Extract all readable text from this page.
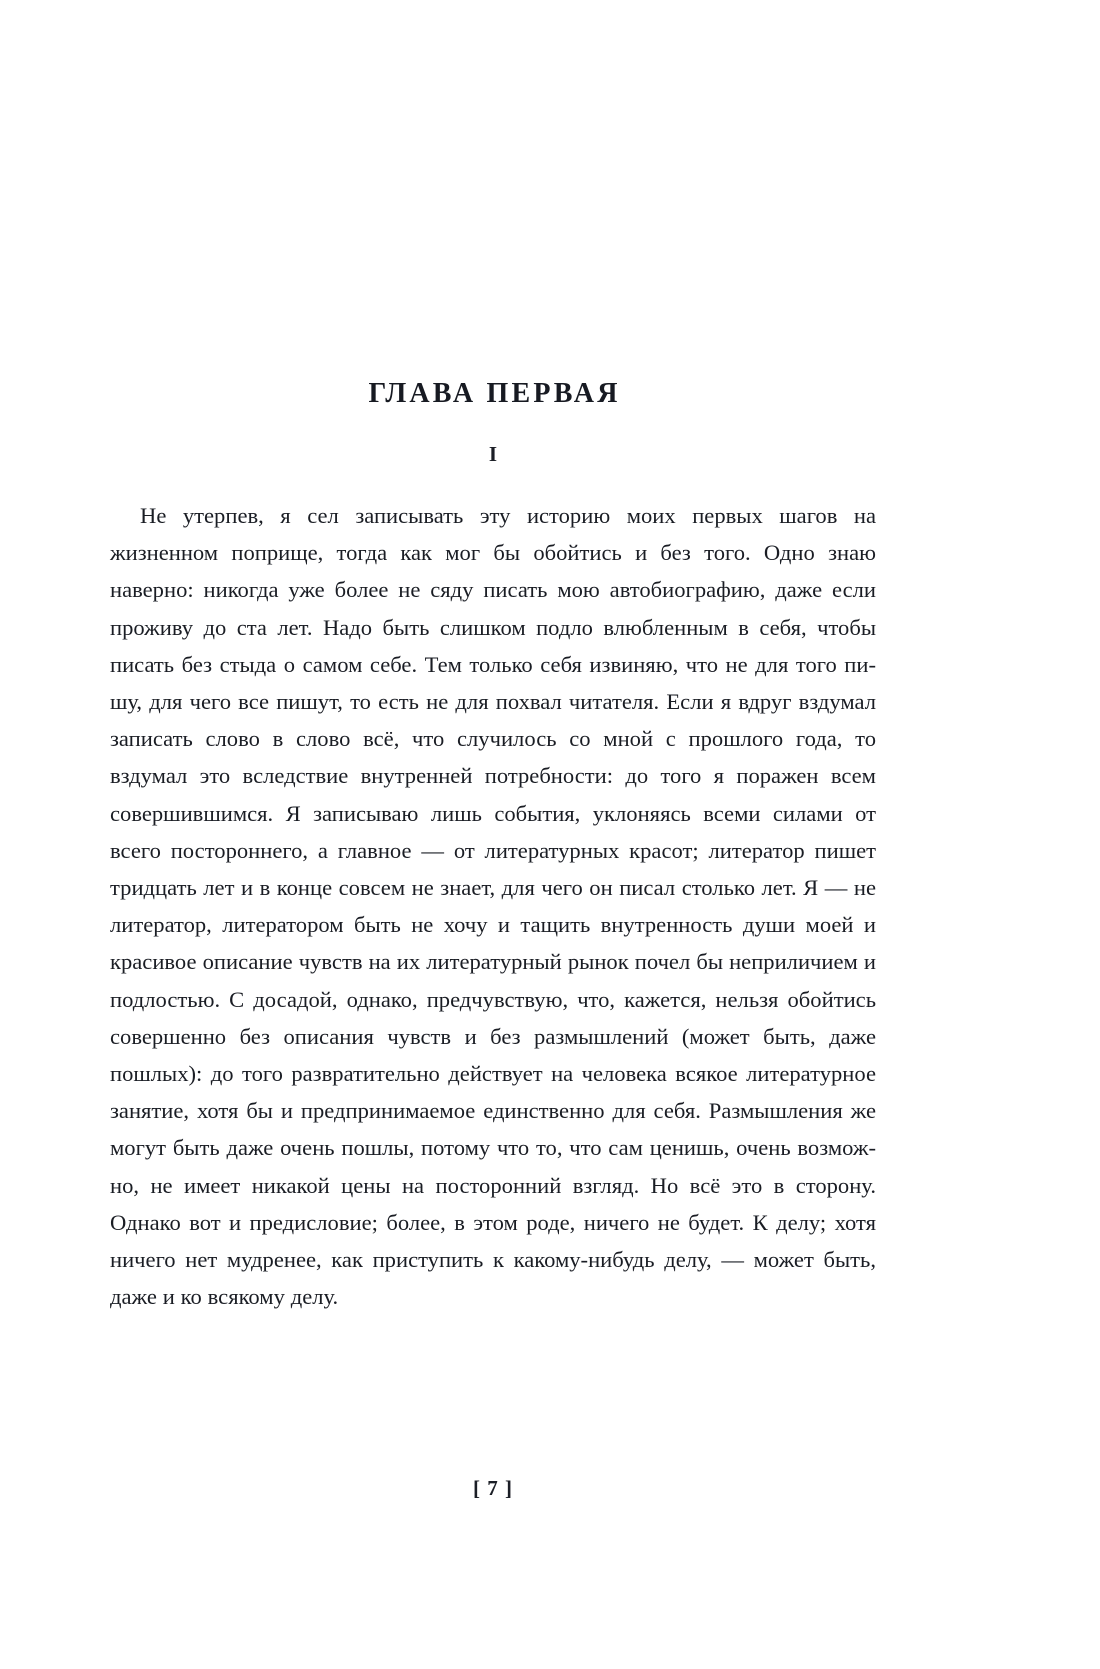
ГЛАВА ПЕРВАЯ
I

Не утерпев, я сел записывать эту историю моих первых шагов на жизненном поприще, тогда как мог бы обойтись и без того. Одно знаю наверно: никогда уже более не сяду писать мою автобиографию, даже если проживу до ста лет. Надо быть слишком подло влюбленным в себя, чтобы писать без стыда о самом себе. Тем только себя извиняю, что не для того пишу, для чего все пишут, то есть не для похвал читателя. Если я вдруг вздумал записать слово в слово всё, что случилось со мной с прошлого года, то вздумал это вследствие внутренней потребности: до того я поражен всем совершившимся. Я записываю лишь события, уклоняясь всеми силами от всего постороннего, а главное — от литературных красот; литератор пишет тридцать лет и в конце совсем не знает, для чего он писал столько лет. Я — не литератор, литератором быть не хочу и тащить внутренность души моей и красивое описание чувств на их литературный рынок почел бы неприличием и подлостью. С досадой, однако, предчувствую, что, кажется, нельзя обойтись совершенно без описания чувств и без размышлений (может быть, даже пошлых): до того развратительно действует на человека всякое литературное занятие, хотя бы и предпринимаемое единственно для себя. Размышления же могут быть даже очень пошлы, потому что то, что сам ценишь, очень возможно, не имеет никакой цены на посторонний взгляд. Но всё это в сторону. Однако вот и предисловие; более, в этом роде, ничего не будет. К делу; хотя ничего нет мудренее, как приступить к какому-нибудь делу, — может быть, даже и ко всякому делу.

[ 7 ]
